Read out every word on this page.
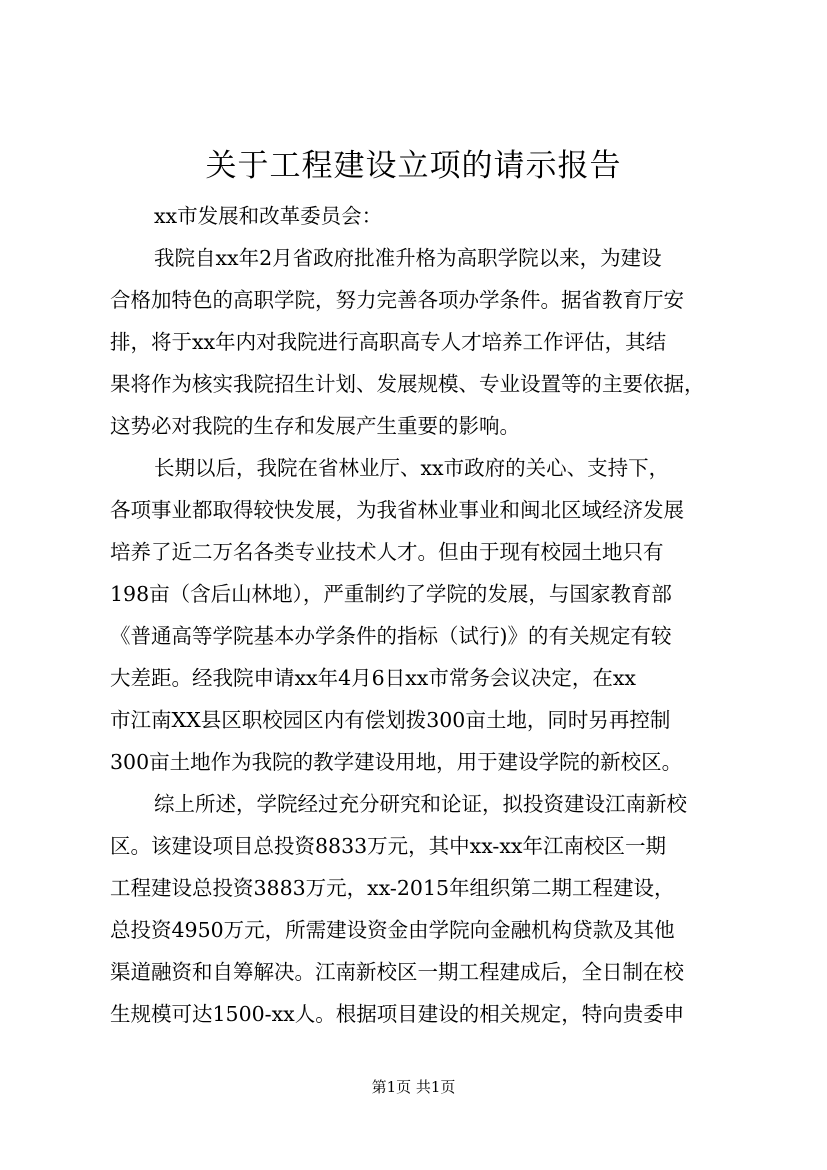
关于工程建设立项的请示报告
xx市发展和改革委员会：
我院自xx年2月省政府批准升格为高职学院以来，为建设
合格加特色的高职学院，努力完善各项办学条件。据省教育厅安
排，将于xx年内对我院进行高职高专人才培养工作评估，其结
果将作为核实我院招生计划、发展规模、专业设置等的主要依据，
这势必对我院的生存和发展产生重要的影响。
长期以后，我院在省林业厅、xx市政府的关心、支持下，
各项事业都取得较快发展，为我省林业事业和闽北区域经济发展
培养了近二万名各类专业技术人才。但由于现有校园土地只有
198亩（含后山林地），严重制约了学院的发展，与国家教育部
《普通高等学院基本办学条件的指标（试行)》的有关规定有较
大差距。经我院申请xx年4月6日xx市常务会议决定，在xx
市江南XX县区职校园区内有偿划拨300亩土地，同时另再控制
300亩土地作为我院的教学建设用地，用于建设学院的新校区。
综上所述，学院经过充分研究和论证，拟投资建设江南新校
区。该建设项目总投资8833万元，其中xx-xx年江南校区一期
工程建设总投资3883万元，xx-2015年组织第二期工程建设，
总投资4950万元，所需建设资金由学院向金融机构贷款及其他
渠道融资和自筹解决。江南新校区一期工程建成后，全日制在校
生规模可达1500-xx人。根据项目建设的相关规定，特向贵委申
第1页 共1页
